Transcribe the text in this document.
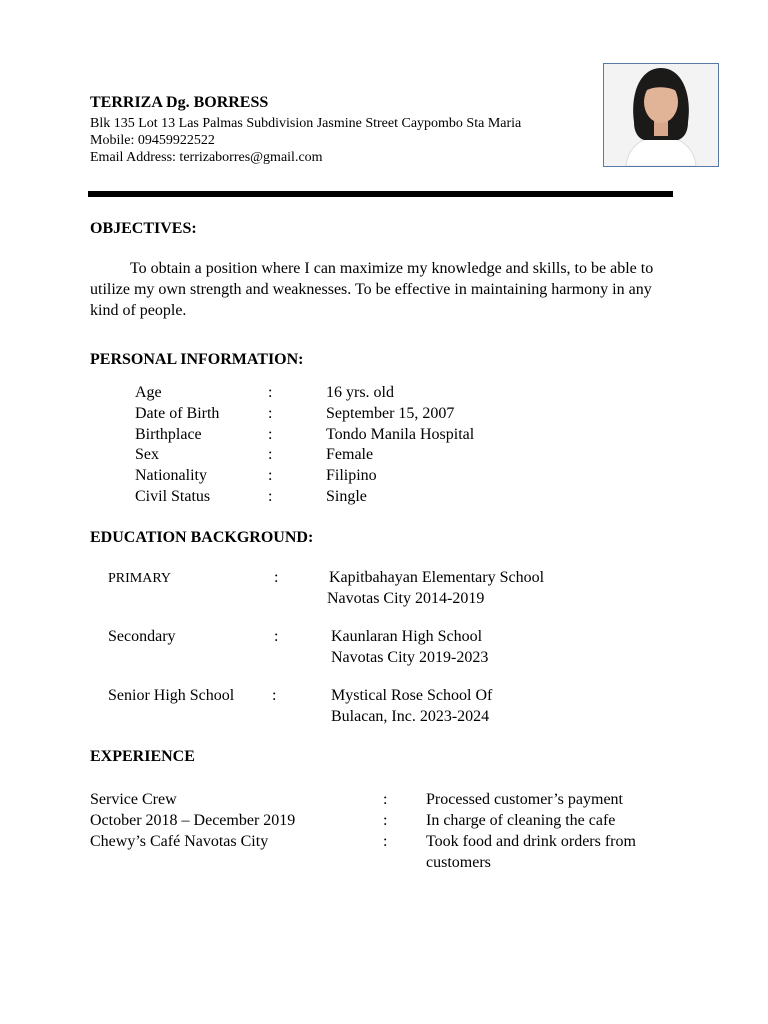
TERRIZA Dg. BORRESS
Blk 135 Lot 13 Las Palmas Subdivision Jasmine Street Caypombo Sta Maria
Mobile: 09459922522
Email Address: terrizaborres@gmail.com
OBJECTIVES:

To obtain a position where I can maximize my knowledge and skills, to be able to utilize my own strength and weaknesses. To be effective in maintaining harmony in any kind of people.

PERSONAL INFORMATION:
Age	:	16 yrs. old
Date of Birth	:	September 15, 2007
Birthplace	:	Tondo Manila Hospital
Sex	:	Female
Nationality	:	Filipino
Civil Status	:	Single
EDUCATION BACKGROUND:
PRIMARY	:	Kapitbahayan Elementary School
Navotas City 2014-2019
Secondary	:	Kaunlaran High School
Navotas City 2019-2023
Senior High School :	Mystical Rose School Of
Bulacan, Inc. 2023-2024
EXPERIENCE
Service Crew	: Processed customer’s payment
October 2018 – December 2019	: In charge of cleaning the cafe
Chewy’s Café Navotas City	: Took food and drink orders from
customers
